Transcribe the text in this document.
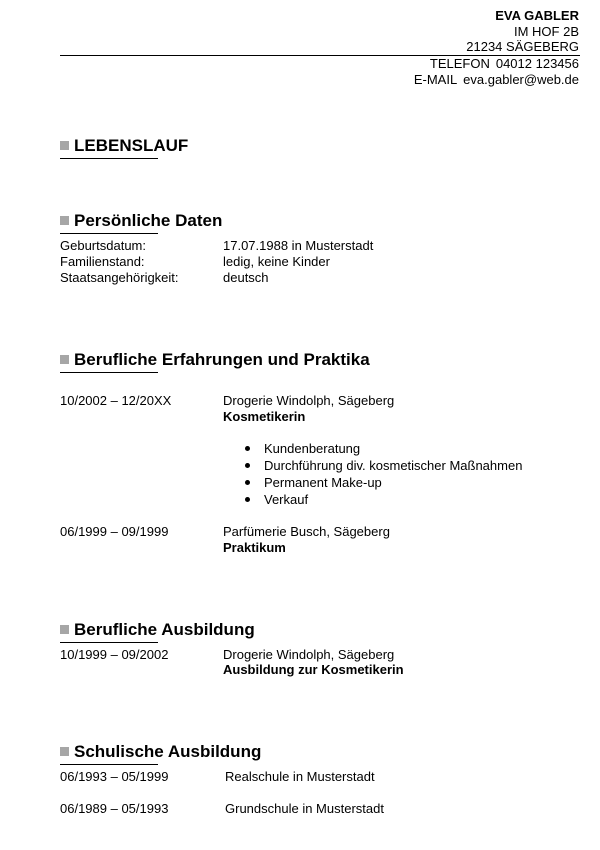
EVA GABLER
IM HOF 2B
21234 SÄGEBERG
TELEFON 04012 123456
E-MAIL eva.gabler@web.de
LEBENSLAUF
Persönliche Daten
Geburtsdatum:	17.07.1988 in Musterstadt
Familienstand:	ledig, keine Kinder
Staatsangehörigkeit:	deutsch
Berufliche Erfahrungen und Praktika
10/2002 – 12/20XX	Drogerie Windolph, Sägeberg
Kosmetikerin
Kundenberatung
Durchführung div. kosmetischer Maßnahmen
Permanent Make-up
Verkauf
06/1999 – 09/1999	Parfümerie Busch, Sägeberg
Praktikum
Berufliche Ausbildung
10/1999 – 09/2002	Drogerie Windolph, Sägeberg
Ausbildung zur Kosmetikerin
Schulische Ausbildung
06/1993 – 05/1999	Realschule in Musterstadt
06/1989 – 05/1993	Grundschule in Musterstadt
